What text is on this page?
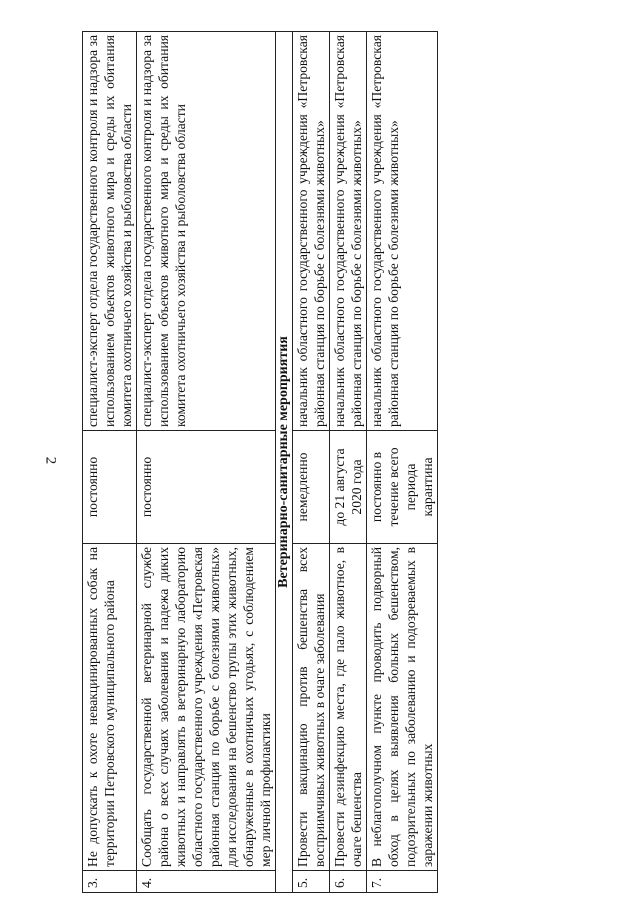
2
3.	Не допускать к охоте невакцинированных собак на территории Петровского муниципального района	постоянно	специалист-эксперт отдела государственного контроля и надзора за использованием объектов животного мира и среды их обитания комитета охотничьего хозяйства и рыболовства области
4.	Сообщать государственной ветеринарной службе района о всех случаях заболевания и падежа диких животных и направлять в ветеринарную лабораторию областного государственного учреждения «Петровская районная станция по борьбе с болезнями животных» для исследования на бешенство трупы этих животных, обнаруженные в охотничьих угодьях, с соблюдением мер личной профилактики	постоянно	специалист-эксперт отдела государственного контроля и надзора за использованием объектов животного мира и среды их обитания комитета охотничьего хозяйства и рыболовства области
Ветеринарно-санитарные мероприятия			
5.	Провести вакцинацию против бешенства всех восприимчивых животных в очаге заболевания	немедленно	начальник областного государственного учреждения «Петровская районная станция по борьбе с болезнями животных»
6.	Провести дезинфекцию места, где пало животное, в очаге бешенства	до 21 августа 2020 года	начальник областного государственного учреждения «Петровская районная станция по борьбе с болезнями животных»
7.	В неблагополучном пункте проводить подворный обход в целях выявления больных бешенством, подозрительных по заболеванию и подозреваемых в заражении животных	постоянно в течение всего периода карантина	начальник областного государственного учреждения «Петровская районная станция по борьбе с болезнями животных»
